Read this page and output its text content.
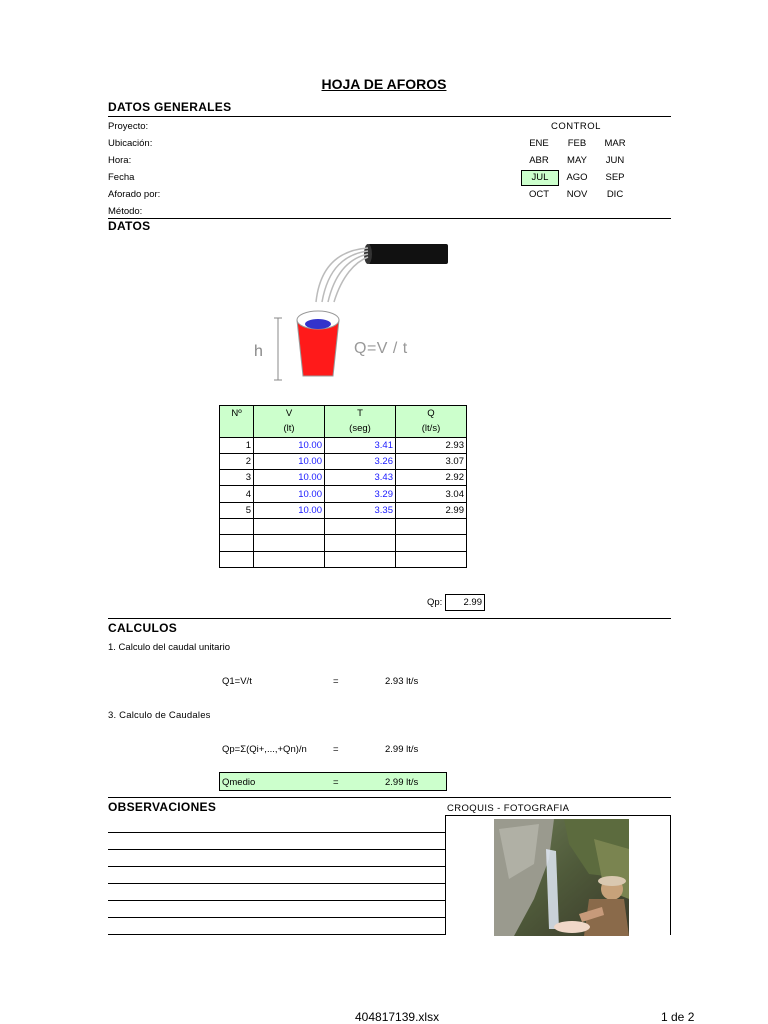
HOJA DE AFOROS
DATOS GENERALES
Proyecto:
Ubicación:
Hora:
Fecha
Aforado por:
Método:
CONTROL
ENE	FEB	MAR
ABR	MAY	JUN
JUL	AGO	SEP
OCT	NOV	DIC
DATOS
h	Q=V / t
Nº	V	T	Q
	(lt)	(seg)	(lt/s)
1	10.00	3.41	2.93
2	10.00	3.26	3.07
3	10.00	3.43	2.92
4	10.00	3.29	3.04
5	10.00	3.35	2.99

Qp:	2.99
CALCULOS
1. Calculo del caudal unitario
Q1=V/t	=	2.93 lt/s
3. Calculo de Caudales
Qp=Σ(Qi+,...,+Qn)/n	=	2.99 lt/s
Qmedio	=	2.99 lt/s
OBSERVACIONES	CROQUIS - FOTOGRAFIA
404817139.xlsx	1 de 2
